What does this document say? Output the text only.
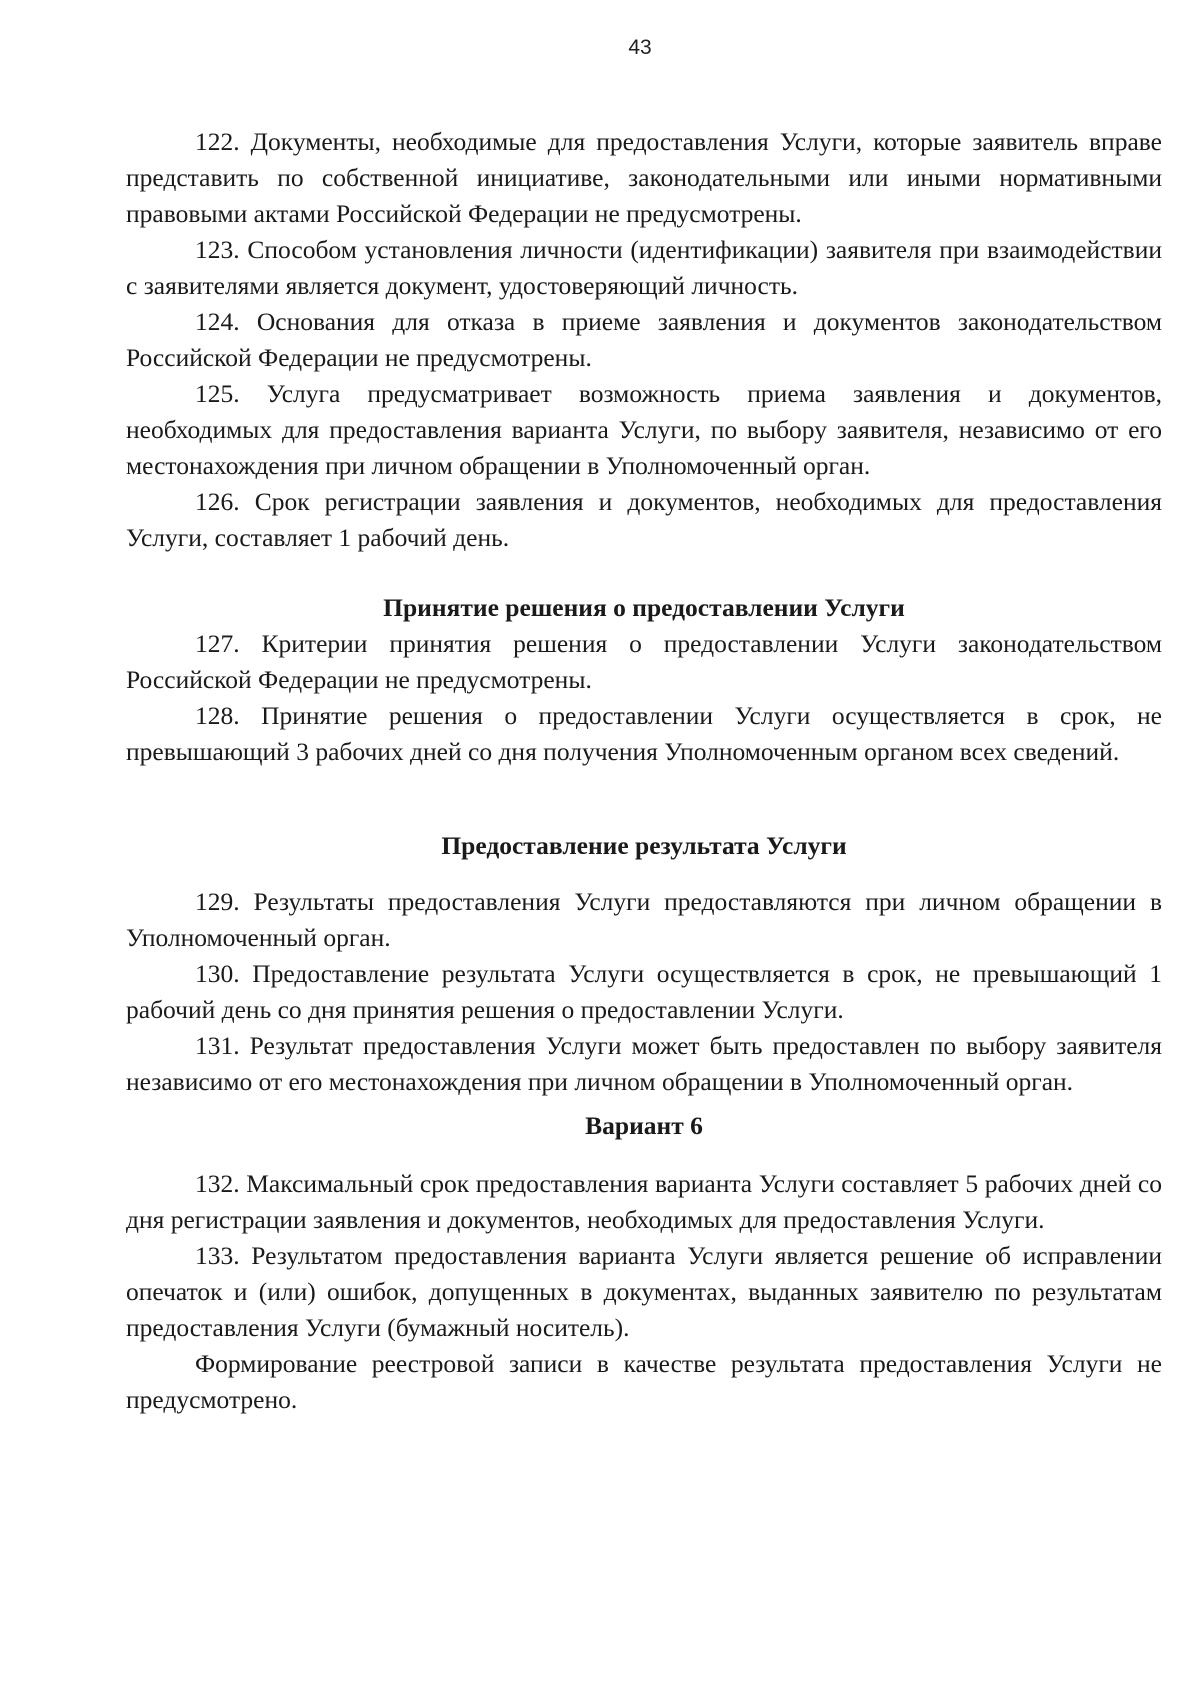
43

122. Документы, необходимые для предоставления Услуги, которые заявитель вправе представить по собственной инициативе, законодательными или иными нормативными правовыми актами Российской Федерации не предусмотрены.

123. Способом установления личности (идентификации) заявителя при взаимодействии с заявителями является документ, удостоверяющий личность.

124. Основания для отказа в приеме заявления и документов законодательством Российской Федерации не предусмотрены.

125. Услуга предусматривает возможность приема заявления и документов, необходимых для предоставления варианта Услуги, по выбору заявителя, независимо от его местонахождения при личном обращении в Уполномоченный орган.

126. Срок регистрации заявления и документов, необходимых для предоставления Услуги, составляет 1 рабочий день.

Принятие решения о предоставлении Услуги

127. Критерии принятия решения о предоставлении Услуги законодательством Российской Федерации не предусмотрены.

128. Принятие решения о предоставлении Услуги осуществляется в срок, не превышающий 3 рабочих дней со дня получения Уполномоченным органом всех сведений.

Предоставление результата Услуги

129. Результаты предоставления Услуги предоставляются при личном обращении в Уполномоченный орган.

130. Предоставление результата Услуги осуществляется в срок, не превышающий 1 рабочий день со дня принятия решения о предоставлении Услуги.

131. Результат предоставления Услуги может быть предоставлен по выбору заявителя независимо от его местонахождения при личном обращении в Уполномоченный орган.

Вариант 6

132. Максимальный срок предоставления варианта Услуги составляет 5 рабочих дней со дня регистрации заявления и документов, необходимых для предоставления Услуги.

133. Результатом предоставления варианта Услуги является решение об исправлении опечаток и (или) ошибок, допущенных в документах, выданных заявителю по результатам предоставления Услуги (бумажный носитель).

Формирование реестровой записи в качестве результата предоставления Услуги не предусмотрено.
